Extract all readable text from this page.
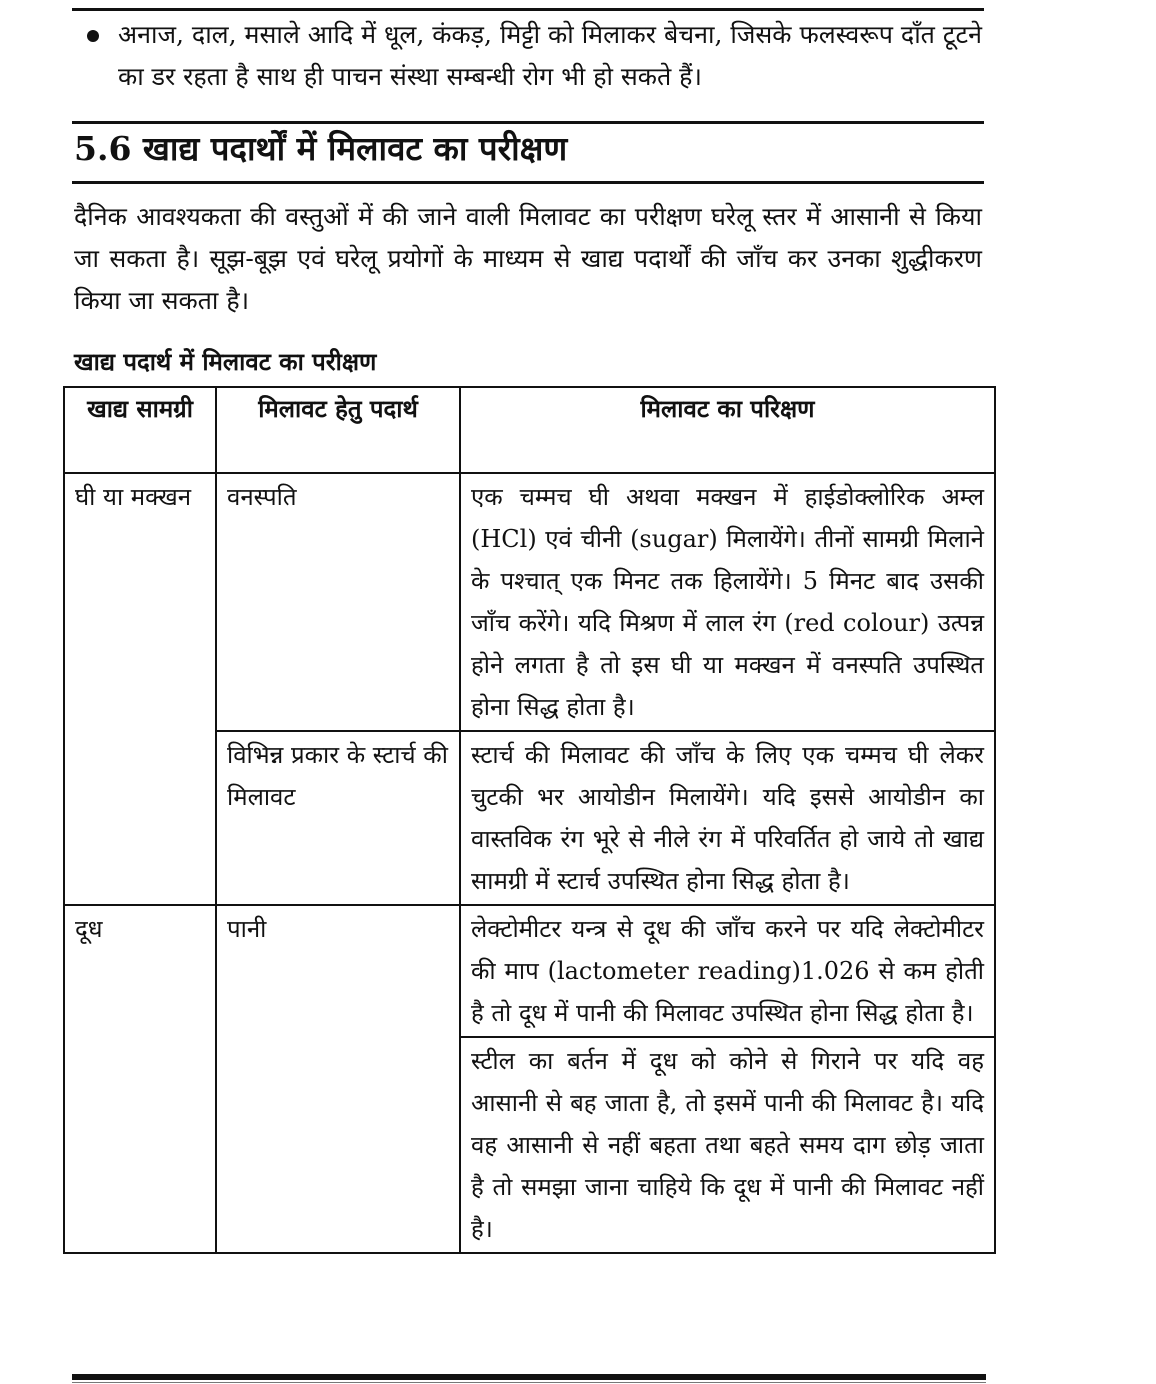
अनाज, दाल, मसाले आदि में धूल, कंकड़, मिट्टी को मिलाकर बेचना, जिसके फलस्वरूप दाँत टूटने का डर रहता है साथ ही पाचन संस्था सम्बन्धी रोग भी हो सकते हैं।
5.6 खाद्य पदार्थों में मिलावट का परीक्षण
दैनिक आवश्यकता की वस्तुओं में की जाने वाली मिलावट का परीक्षण घरेलू स्तर में आसानी से किया जा सकता है। सूझ-बूझ एवं घरेलू प्रयोगों के माध्यम से खाद्य पदार्थों की जाँच कर उनका शुद्धीकरण किया जा सकता है।
खाद्य पदार्थ में मिलावट का परीक्षण
खाद्य सामग्री	मिलावट हेतु पदार्थ	मिलावट का परिक्षण
घी या मक्खन	वनस्पति	एक चम्मच घी अथवा मक्खन में हाईडोक्लोरिक अम्ल (HCl) एवं चीनी (sugar) मिलायेंगे। तीनों सामग्री मिलाने के पश्चात् एक मिनट तक हिलायेंगे। 5 मिनट बाद उसकी जाँच करेंगे। यदि मिश्रण में लाल रंग (red colour) उत्पन्न होने लगता है तो इस घी या मक्खन में वनस्पति उपस्थित होना सिद्ध होता है।
	विभिन्न प्रकार के स्टार्च की मिलावट	स्टार्च की मिलावट की जाँच के लिए एक चम्मच घी लेकर चुटकी भर आयोडीन मिलायेंगे। यदि इससे आयोडीन का वास्तविक रंग भूरे से नीले रंग में परिवर्तित हो जाये तो खाद्य सामग्री में स्टार्च उपस्थित होना सिद्ध होता है।
दूध	पानी	लेक्टोमीटर यन्त्र से दूध की जाँच करने पर यदि लेक्टोमीटर की माप (lactometer reading)1.026 से कम होती है तो दूध में पानी की मिलावट उपस्थित होना सिद्ध होता है।
		स्टील का बर्तन में दूध को कोने से गिराने पर यदि वह आसानी से बह जाता है, तो इसमें पानी की मिलावट है। यदि वह आसानी से नहीं बहता तथा बहते समय दाग छोड़ जाता है तो समझा जाना चाहिये कि दूध में पानी की मिलावट नहीं है।
